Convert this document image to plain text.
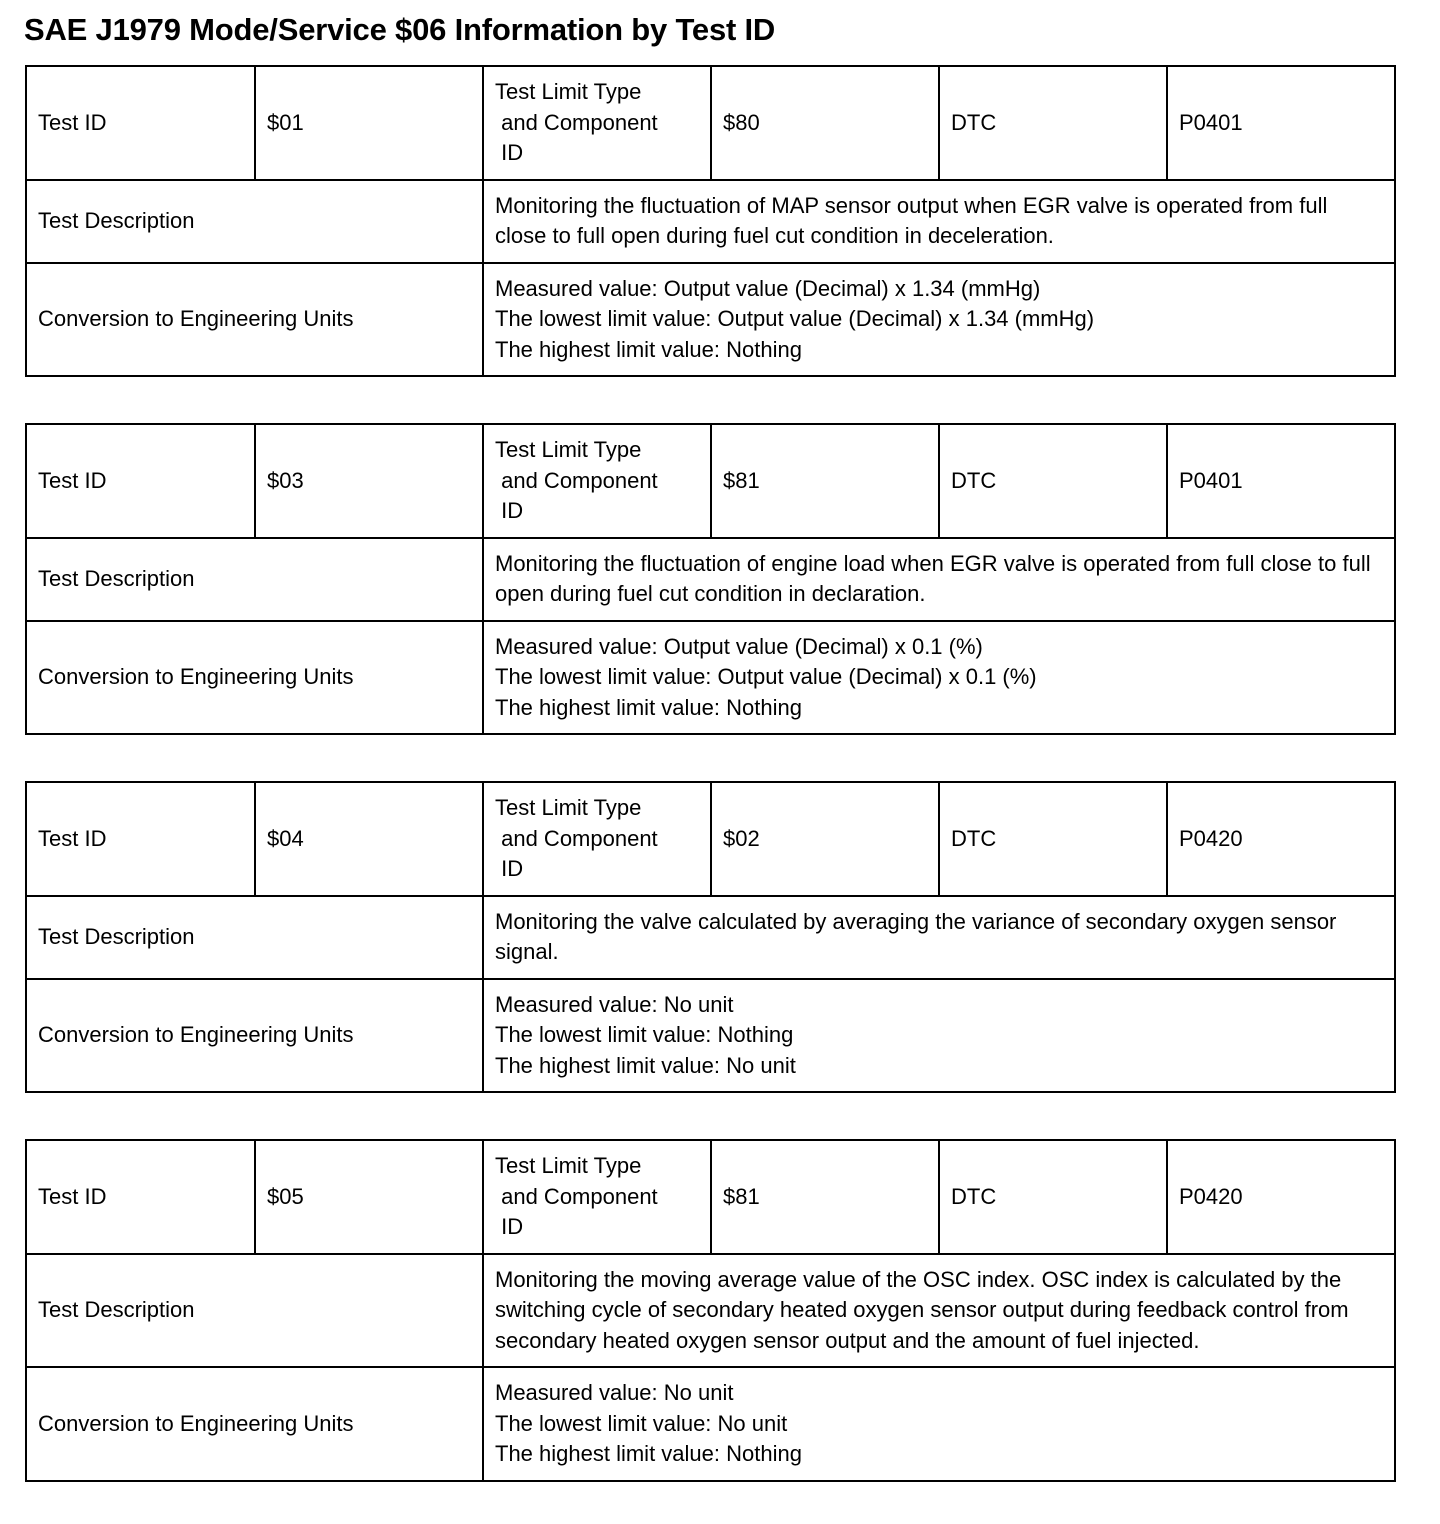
SAE J1979 Mode/Service $06 Information by Test ID
Test ID	$01	Test Limit Type
and Component
ID	$80	DTC	P0401
Test Description		Monitoring the fluctuation of MAP sensor output when EGR valve is operated from full close to full open during fuel cut condition in deceleration.			
Conversion to Engineering Units		Measured value: Output value (Decimal) x 1.34 (mmHg)
The lowest limit value: Output value (Decimal) x 1.34 (mmHg)
The highest limit value: Nothing			
Test ID	$03	Test Limit Type
and Component
ID	$81	DTC	P0401
Test Description		Monitoring the fluctuation of engine load when EGR valve is operated from full close to full open during fuel cut condition in declaration.			
Conversion to Engineering Units		Measured value: Output value (Decimal) x 0.1 (%)
The lowest limit value: Output value (Decimal) x 0.1 (%)
The highest limit value: Nothing			
Test ID	$04	Test Limit Type
and Component
ID	$02	DTC	P0420
Test Description		Monitoring the valve calculated by averaging the variance of secondary oxygen sensor signal.			
Conversion to Engineering Units		Measured value: No unit
The lowest limit value: Nothing
The highest limit value: No unit			
Test ID	$05	Test Limit Type
and Component
ID	$81	DTC	P0420
Test Description		Monitoring the moving average value of the OSC index. OSC index is calculated by the switching cycle of secondary heated oxygen sensor output during feedback control from secondary heated oxygen sensor output and the amount of fuel injected.			
Conversion to Engineering Units		Measured value: No unit
The lowest limit value: No unit
The highest limit value: Nothing			
